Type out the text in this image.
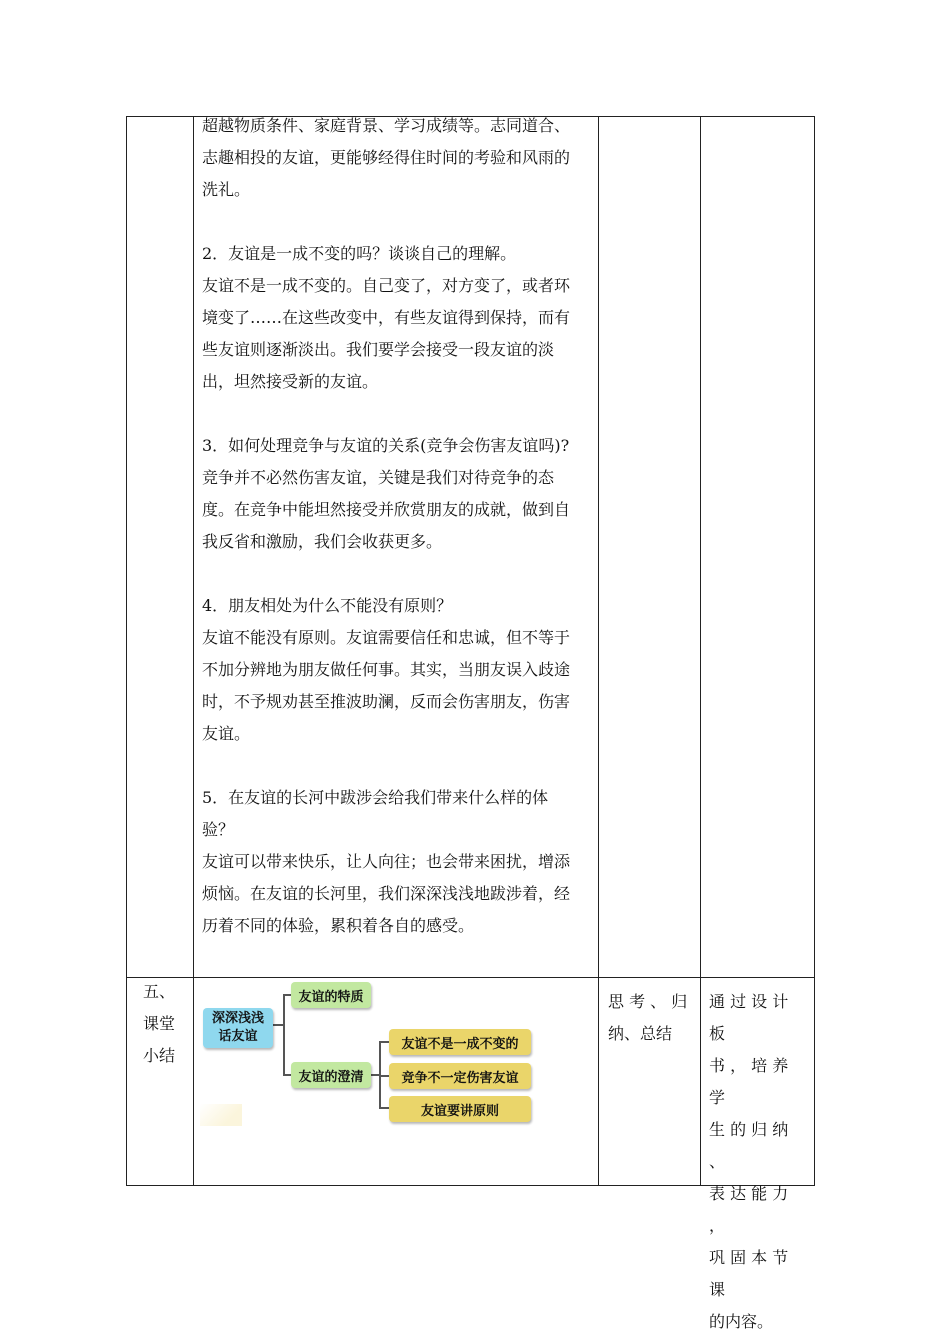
超越物质条件、家庭背景、学习成绩等。志同道合、
志趣相投的友谊，更能够经得住时间的考验和风雨的
洗礼。
2．友谊是一成不变的吗？谈谈自己的理解。
友谊不是一成不变的。自己变了，对方变了，或者环
境变了……在这些改变中，有些友谊得到保持，而有
些友谊则逐渐淡出。我们要学会接受一段友谊的淡
出，坦然接受新的友谊。
3．如何处理竞争与友谊的关系(竞争会伤害友谊吗)?
竞争并不必然伤害友谊，关键是我们对待竞争的态
度。在竞争中能坦然接受并欣赏朋友的成就，做到自
我反省和激励，我们会收获更多。
4．朋友相处为什么不能没有原则？
友谊不能没有原则。友谊需要信任和忠诚，但不等于
不加分辨地为朋友做任何事。其实，当朋友误入歧途
时，不予规劝甚至推波助澜，反而会伤害朋友，伤害
友谊。
5．在友谊的长河中跋涉会给我们带来什么样的体
验？
友谊可以带来快乐，让人向往；也会带来困扰，增添
烦恼。在友谊的长河里，我们深深浅浅地跋涉着，经
历着不同的体验，累积着各自的感受。
五、
课堂
小结
深深浅浅
话友谊
友谊的特质
友谊的澄清
友谊不是一成不变的
竞争不一定伤害友谊
友谊要讲原则
思 考 、 归
纳、总结
通 过 设 计 板
书 ， 培 养 学
生 的 归 纳 、
表 达 能 力 ，
巩 固 本 节 课
的内容。
